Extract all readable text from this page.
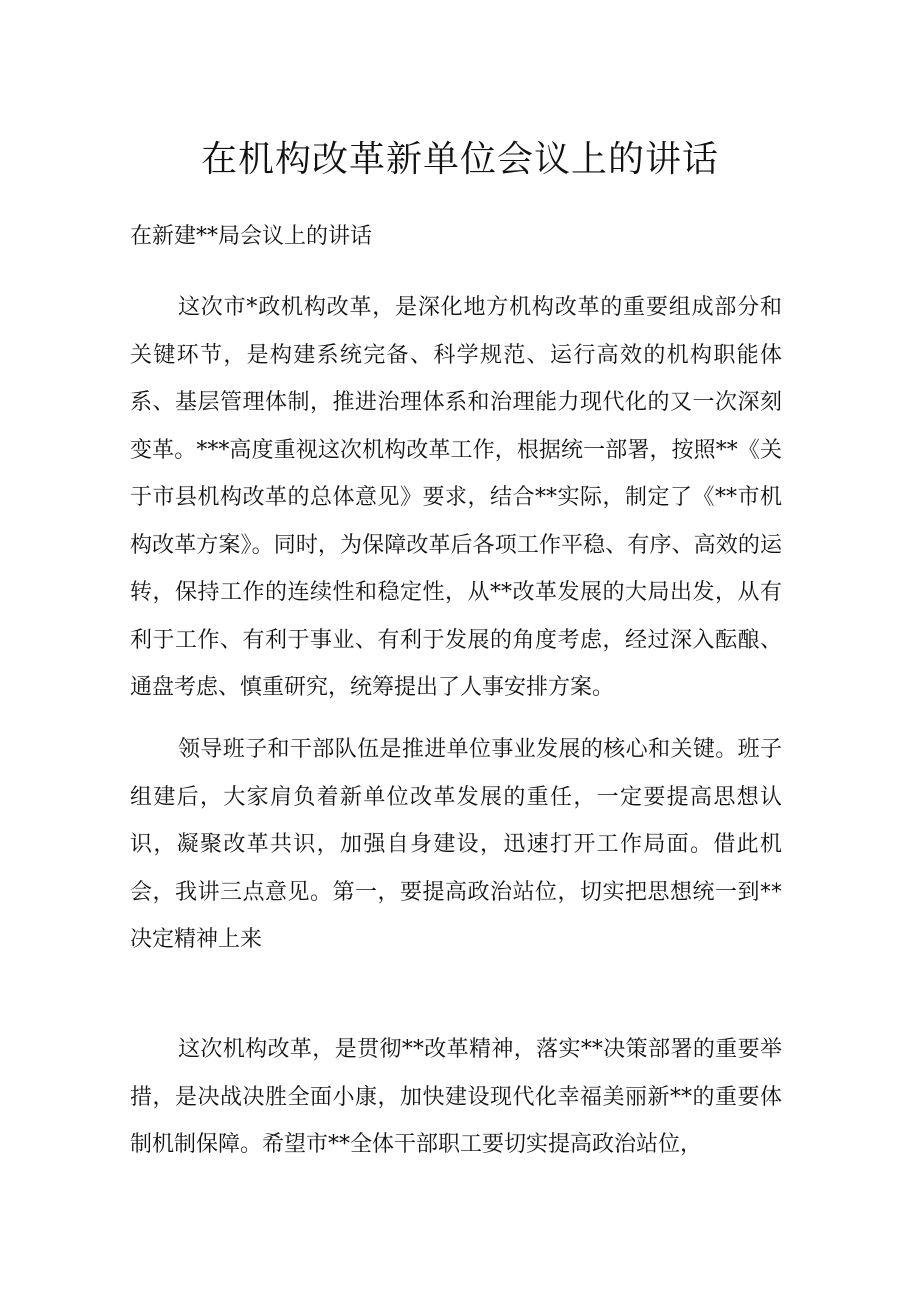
在机构改革新单位会议上的讲话
在新建**局会议上的讲话

这次市*政机构改革，是深化地方机构改革的重要组成部分和关键环节，是构建系统完备、科学规范、运行高效的机构职能体系、基层管理体制，推进治理体系和治理能力现代化的又一次深刻变革。***高度重视这次机构改革工作，根据统一部署，按照**《关于市县机构改革的总体意见》要求，结合**实际，制定了《**市机构改革方案》。同时，为保障改革后各项工作平稳、有序、高效的运转，保持工作的连续性和稳定性，从**改革发展的大局出发，从有利于工作、有利于事业、有利于发展的角度考虑，经过深入酝酿、通盘考虑、慎重研究，统筹提出了人事安排方案。

领导班子和干部队伍是推进单位事业发展的核心和关键。班子组建后，大家肩负着新单位改革发展的重任，一定要提高思想认识，凝聚改革共识，加强自身建设，迅速打开工作局面。借此机会，我讲三点意见。第一，要提高政治站位，切实把思想统一到**决定精神上来

这次机构改革，是贯彻**改革精神，落实**决策部署的重要举措，是决战决胜全面小康，加快建设现代化幸福美丽新**的重要体制机制保障。希望市**全体干部职工要切实提高政治站位，
